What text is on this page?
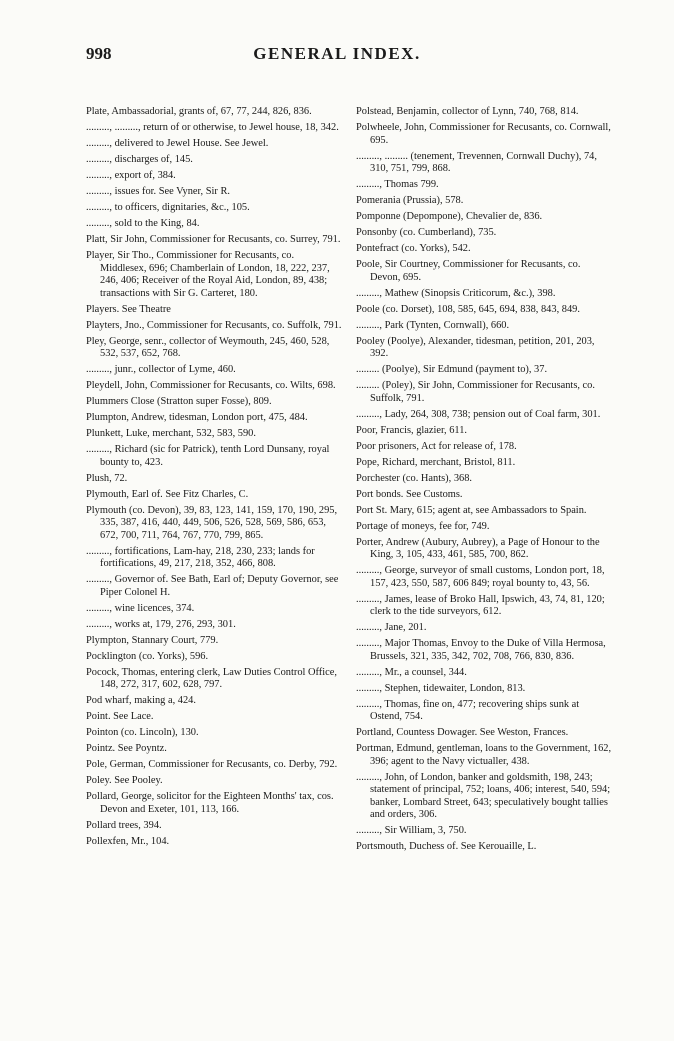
998	GENERAL INDEX.

Plate, Ambassadorial, grants of, 67, 77, 244, 826, 836.

........., ........., return of or otherwise, to Jewel house, 18, 342.

........., delivered to Jewel House. See Jewel.

........., discharges of, 145.

........., export of, 384.

........., issues for. See Vyner, Sir R.

........., to officers, dignitaries, &c., 105.

........., sold to the King, 84.

Platt, Sir John, Commissioner for Recusants, co. Surrey, 791.

Player, Sir Tho., Commissioner for Recusants, co. Middlesex, 696; Chamberlain of London, 18, 222, 237, 246, 406; Receiver of the Royal Aid, London, 89, 438; transactions with Sir G. Carteret, 180.

Players. See Theatre

Playters, Jno., Commissioner for Recusants, co. Suffolk, 791.

Pley, George, senr., collector of Weymouth, 245, 460, 528, 532, 537, 652, 768.

........., junr., collector of Lyme, 460.

Pleydell, John, Commissioner for Recusants, co. Wilts, 698.

Plummers Close (Stratton super Fosse), 809.

Plumpton, Andrew, tidesman, London port, 475, 484.

Plunkett, Luke, merchant, 532, 583, 590.

........., Richard (sic for Patrick), tenth Lord Dunsany, royal bounty to, 423.

Plush, 72.

Plymouth, Earl of. See Fitz Charles, C.

Plymouth (co. Devon), 39, 83, 123, 141, 159, 170, 190, 295, 335, 387, 416, 440, 449, 506, 526, 528, 569, 586, 653, 672, 700, 711, 764, 767, 770, 799, 865.

........., fortifications, Lam-hay, 218, 230, 233; lands for fortifications, 49, 217, 218, 352, 466, 808.

........., Governor of. See Bath, Earl of; Deputy Governor, see Piper Colonel H.

........., wine licences, 374.

........., works at, 179, 276, 293, 301.

Plympton, Stannary Court, 779.

Pocklington (co. Yorks), 596.

Pocock, Thomas, entering clerk, Law Duties Control Office, 148, 272, 317, 602, 628, 797.

Pod wharf, making a, 424.

Point. See Lace.

Pointon (co. Lincoln), 130.

Pointz. See Poyntz.

Pole, German, Commissioner for Recusants, co. Derby, 792.

Poley. See Pooley.

Pollard, George, solicitor for the Eighteen Months' tax, cos. Devon and Exeter, 101, 113, 166.

Pollard trees, 394.

Pollexfen, Mr., 104.

Polstead, Benjamin, collector of Lynn, 740, 768, 814.

Polwheele, John, Commissioner for Recusants, co. Cornwall, 695.

........., ......... (tenement, Trevennen, Cornwall Duchy), 74, 310, 751, 799, 868.

........., Thomas 799.

Pomerania (Prussia), 578.

Pomponne (Depompone), Chevalier de, 836.

Ponsonby (co. Cumberland), 735.

Pontefract (co. Yorks), 542.

Poole, Sir Courtney, Commissioner for Recusants, co. Devon, 695.

........., Mathew (Sinopsis Criticorum, &c.), 398.

Poole (co. Dorset), 108, 585, 645, 694, 838, 843, 849.

........., Park (Tynten, Cornwall), 660.

Pooley (Poolye), Alexander, tidesman, petition, 201, 203, 392.

......... (Poolye), Sir Edmund (payment to), 37.

......... (Poley), Sir John, Commissioner for Recusants, co. Suffolk, 791.

........., Lady, 264, 308, 738; pension out of Coal farm, 301.

Poor, Francis, glazier, 611.

Poor prisoners, Act for release of, 178.

Pope, Richard, merchant, Bristol, 811.

Porchester (co. Hants), 368.

Port bonds. See Customs.

Port St. Mary, 615; agent at, see Ambassadors to Spain.

Portage of moneys, fee for, 749.

Porter, Andrew (Aubury, Aubrey), a Page of Honour to the King, 3, 105, 433, 461, 585, 700, 862.

........., George, surveyor of small customs, London port, 18, 157, 423, 550, 587, 606 849; royal bounty to, 43, 56.

........., James, lease of Broko Hall, Ipswich, 43, 74, 81, 120; clerk to the tide surveyors, 612.

........., Jane, 201.

........., Major Thomas, Envoy to the Duke of Villa Hermosa, Brussels, 321, 335, 342, 702, 708, 766, 830, 836.

........., Mr., a counsel, 344.

........., Stephen, tidewaiter, London, 813.

........., Thomas, fine on, 477; recovering ships sunk at Ostend, 754.

Portland, Countess Dowager. See Weston, Frances.

Portman, Edmund, gentleman, loans to the Government, 162, 396; agent to the Navy victualler, 438.

........., John, of London, banker and goldsmith, 198, 243; statement of principal, 752; loans, 406; interest, 540, 594; banker, Lombard Street, 643; speculatively bought tallies and orders, 306.

........., Sir William, 3, 750.

Portsmouth, Duchess of. See Kerouaille, L.
